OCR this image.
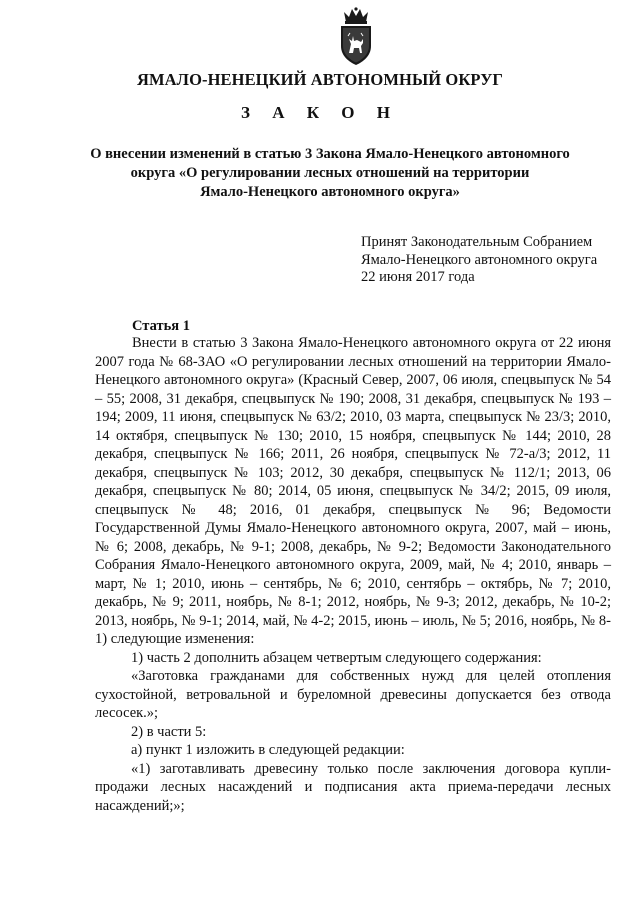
ЯМАЛО-НЕНЕЦКИЙ АВТОНОМНЫЙ ОКРУГ
З А К О Н
О внесении изменений в статью 3 Закона Ямало-Ненецкого автономного
округа «О регулировании лесных отношений на территории
Ямало-Ненецкого автономного округа»
Принят Законодательным Собранием
Ямало-Ненецкого автономного округа
22 июня 2017 года
Статья 1

Внести в статью 3 Закона Ямало-Ненецкого автономного округа от 22 июня 2007 года № 68-ЗАО «О регулировании лесных отношений на территории Ямало-Ненецкого автономного округа» (Красный Север, 2007, 06 июля, спецвыпуск № 54 – 55; 2008, 31 декабря, спецвыпуск № 190; 2008, 31 декабря, спецвыпуск № 193 – 194; 2009, 11 июня, спецвыпуск № 63/2; 2010, 03 марта, спецвыпуск № 23/3; 2010, 14 октября, спецвыпуск № 130; 2010, 15 ноября, спецвыпуск № 144; 2010, 28 декабря, спецвыпуск № 166; 2011, 26 ноября, спецвыпуск № 72-а/3; 2012, 11 декабря, спецвыпуск № 103; 2012, 30 декабря, спецвыпуск № 112/1; 2013, 06 декабря, спецвыпуск № 80; 2014, 05 июня, спецвыпуск № 34/2; 2015, 09 июля, спецвыпуск № 48; 2016, 01 декабря, спецвыпуск № 96; Ведомости Государственной Думы Ямало-Ненецкого автономного округа, 2007, май – июнь, № 6; 2008, декабрь, № 9-1; 2008, декабрь, № 9-2; Ведомости Законодательного Собрания Ямало-Ненецкого автономного округа, 2009, май, № 4; 2010, январь – март, № 1; 2010, июнь – сентябрь, № 6; 2010, сентябрь – октябрь, № 7; 2010, декабрь, № 9; 2011, ноябрь, № 8-1; 2012, ноябрь, № 9-3; 2012, декабрь, № 10-2; 2013, ноябрь, № 9-1; 2014, май, № 4-2; 2015, июнь – июль, № 5; 2016, ноябрь, № 8-1) следующие изменения:

1) часть 2 дополнить абзацем четвертым следующего содержания:

«Заготовка гражданами для собственных нужд для целей отопления сухостойной, ветровальной и буреломной древесины допускается без отвода лесосек.»;

2) в части 5:

а) пункт 1 изложить в следующей редакции:

«1) заготавливать древесину только после заключения договора купли-продажи лесных насаждений и подписания акта приема-передачи лесных насаждений;»;
